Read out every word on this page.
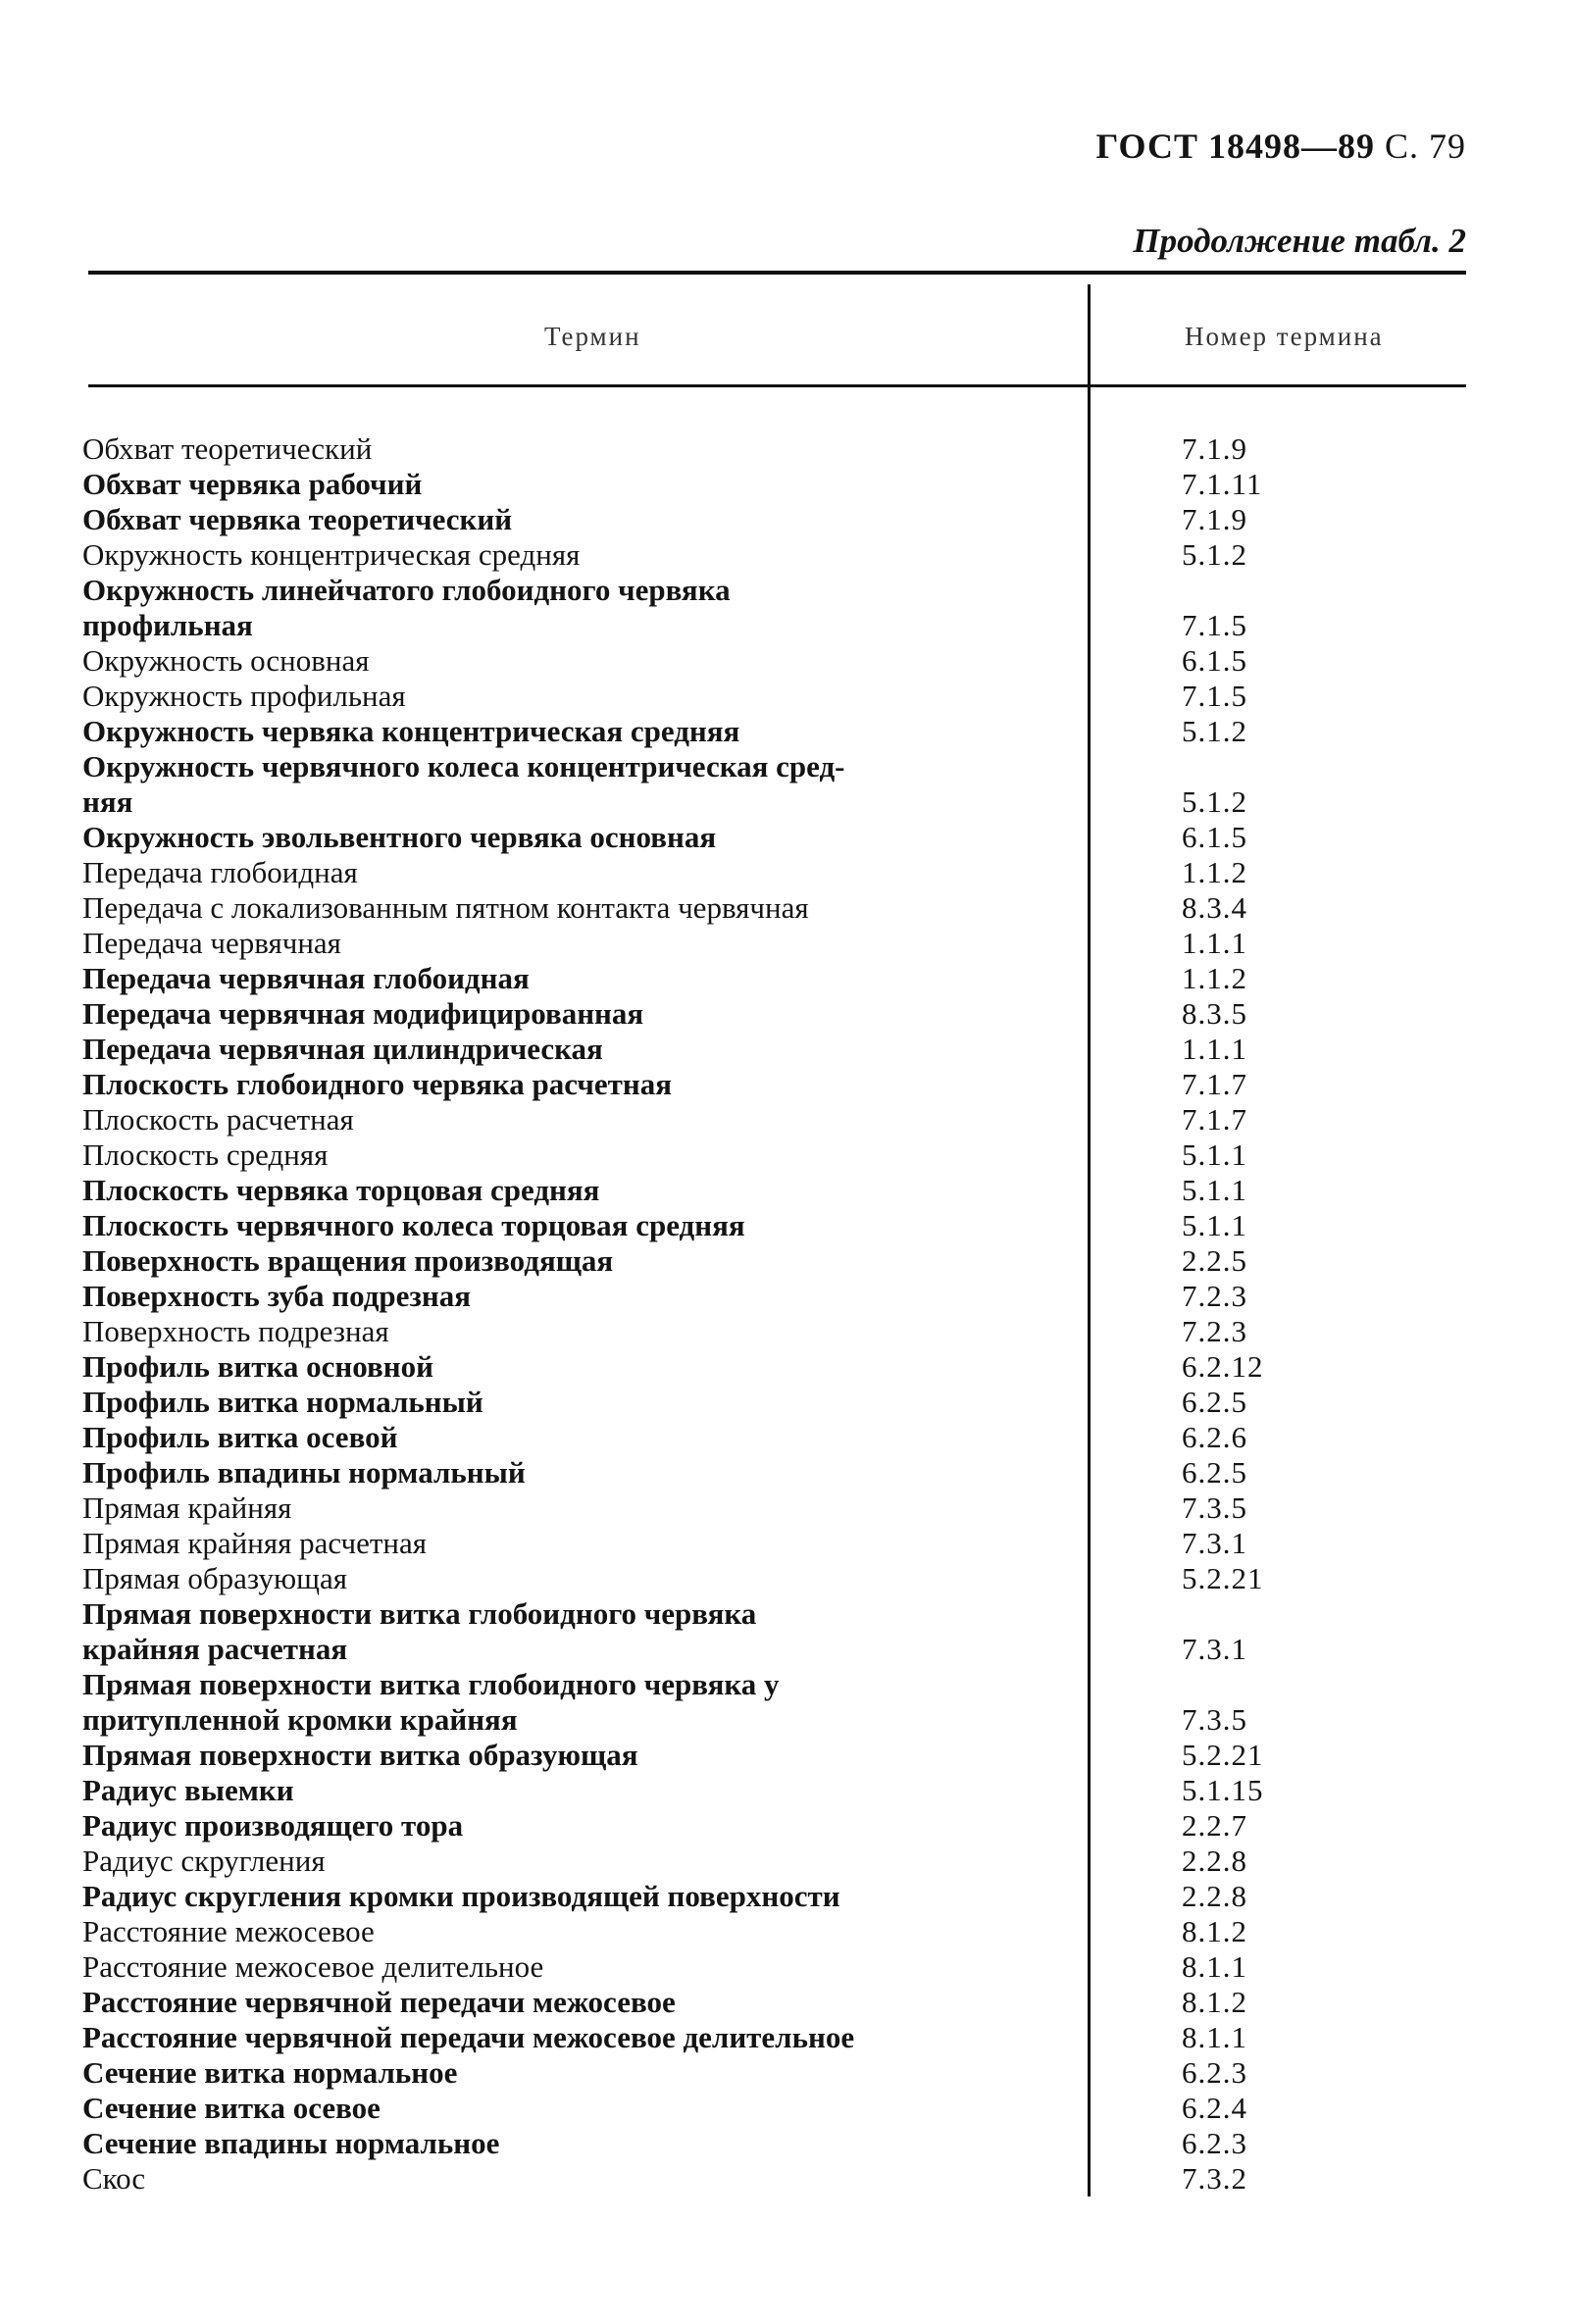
ГОСТ 18498—89 С. 79
Продолжение табл. 2
Термин	Номер термина
Обхват теоретический	7.1.9
Обхват червяка рабочий	7.1.11
Обхват червяка теоретический	7.1.9
Окружность концентрическая средняя	5.1.2
Окружность линейчатого глобоидного червяка
профильная	7.1.5
Окружность основная	6.1.5
Окружность профильная	7.1.5
Окружность червяка концентрическая средняя	5.1.2
Окружность червячного колеса концентрическая сред-
няя	5.1.2
Окружность эвольвентного червяка основная	6.1.5
Передача глобоидная	1.1.2
Передача с локализованным пятном контакта червячная	8.3.4
Передача червячная	1.1.1
Передача червячная глобоидная	1.1.2
Передача червячная модифицированная	8.3.5
Передача червячная цилиндрическая	1.1.1
Плоскость глобоидного червяка расчетная	7.1.7
Плоскость расчетная	7.1.7
Плоскость средняя	5.1.1
Плоскость червяка торцовая средняя	5.1.1
Плоскость червячного колеса торцовая средняя	5.1.1
Поверхность вращения производящая	2.2.5
Поверхность зуба подрезная	7.2.3
Поверхность подрезная	7.2.3
Профиль витка основной	6.2.12
Профиль витка нормальный	6.2.5
Профиль витка осевой	6.2.6
Профиль впадины нормальный	6.2.5
Прямая крайняя	7.3.5
Прямая крайняя расчетная	7.3.1
Прямая образующая	5.2.21
Прямая поверхности витка глобоидного червяка
крайняя расчетная	7.3.1
Прямая поверхности витка глобоидного червяка у
притупленной кромки крайняя	7.3.5
Прямая поверхности витка образующая	5.2.21
Радиус выемки	5.1.15
Радиус производящего тора	2.2.7
Радиус скругления	2.2.8
Радиус скругления кромки производящей поверхности	2.2.8
Расстояние межосевое	8.1.2
Расстояние межосевое делительное	8.1.1
Расстояние червячной передачи межосевое	8.1.2
Расстояние червячной передачи межосевое делительное	8.1.1
Сечение витка нормальное	6.2.3
Сечение витка осевое	6.2.4
Сечение впадины нормальное	6.2.3
Скос	7.3.2
